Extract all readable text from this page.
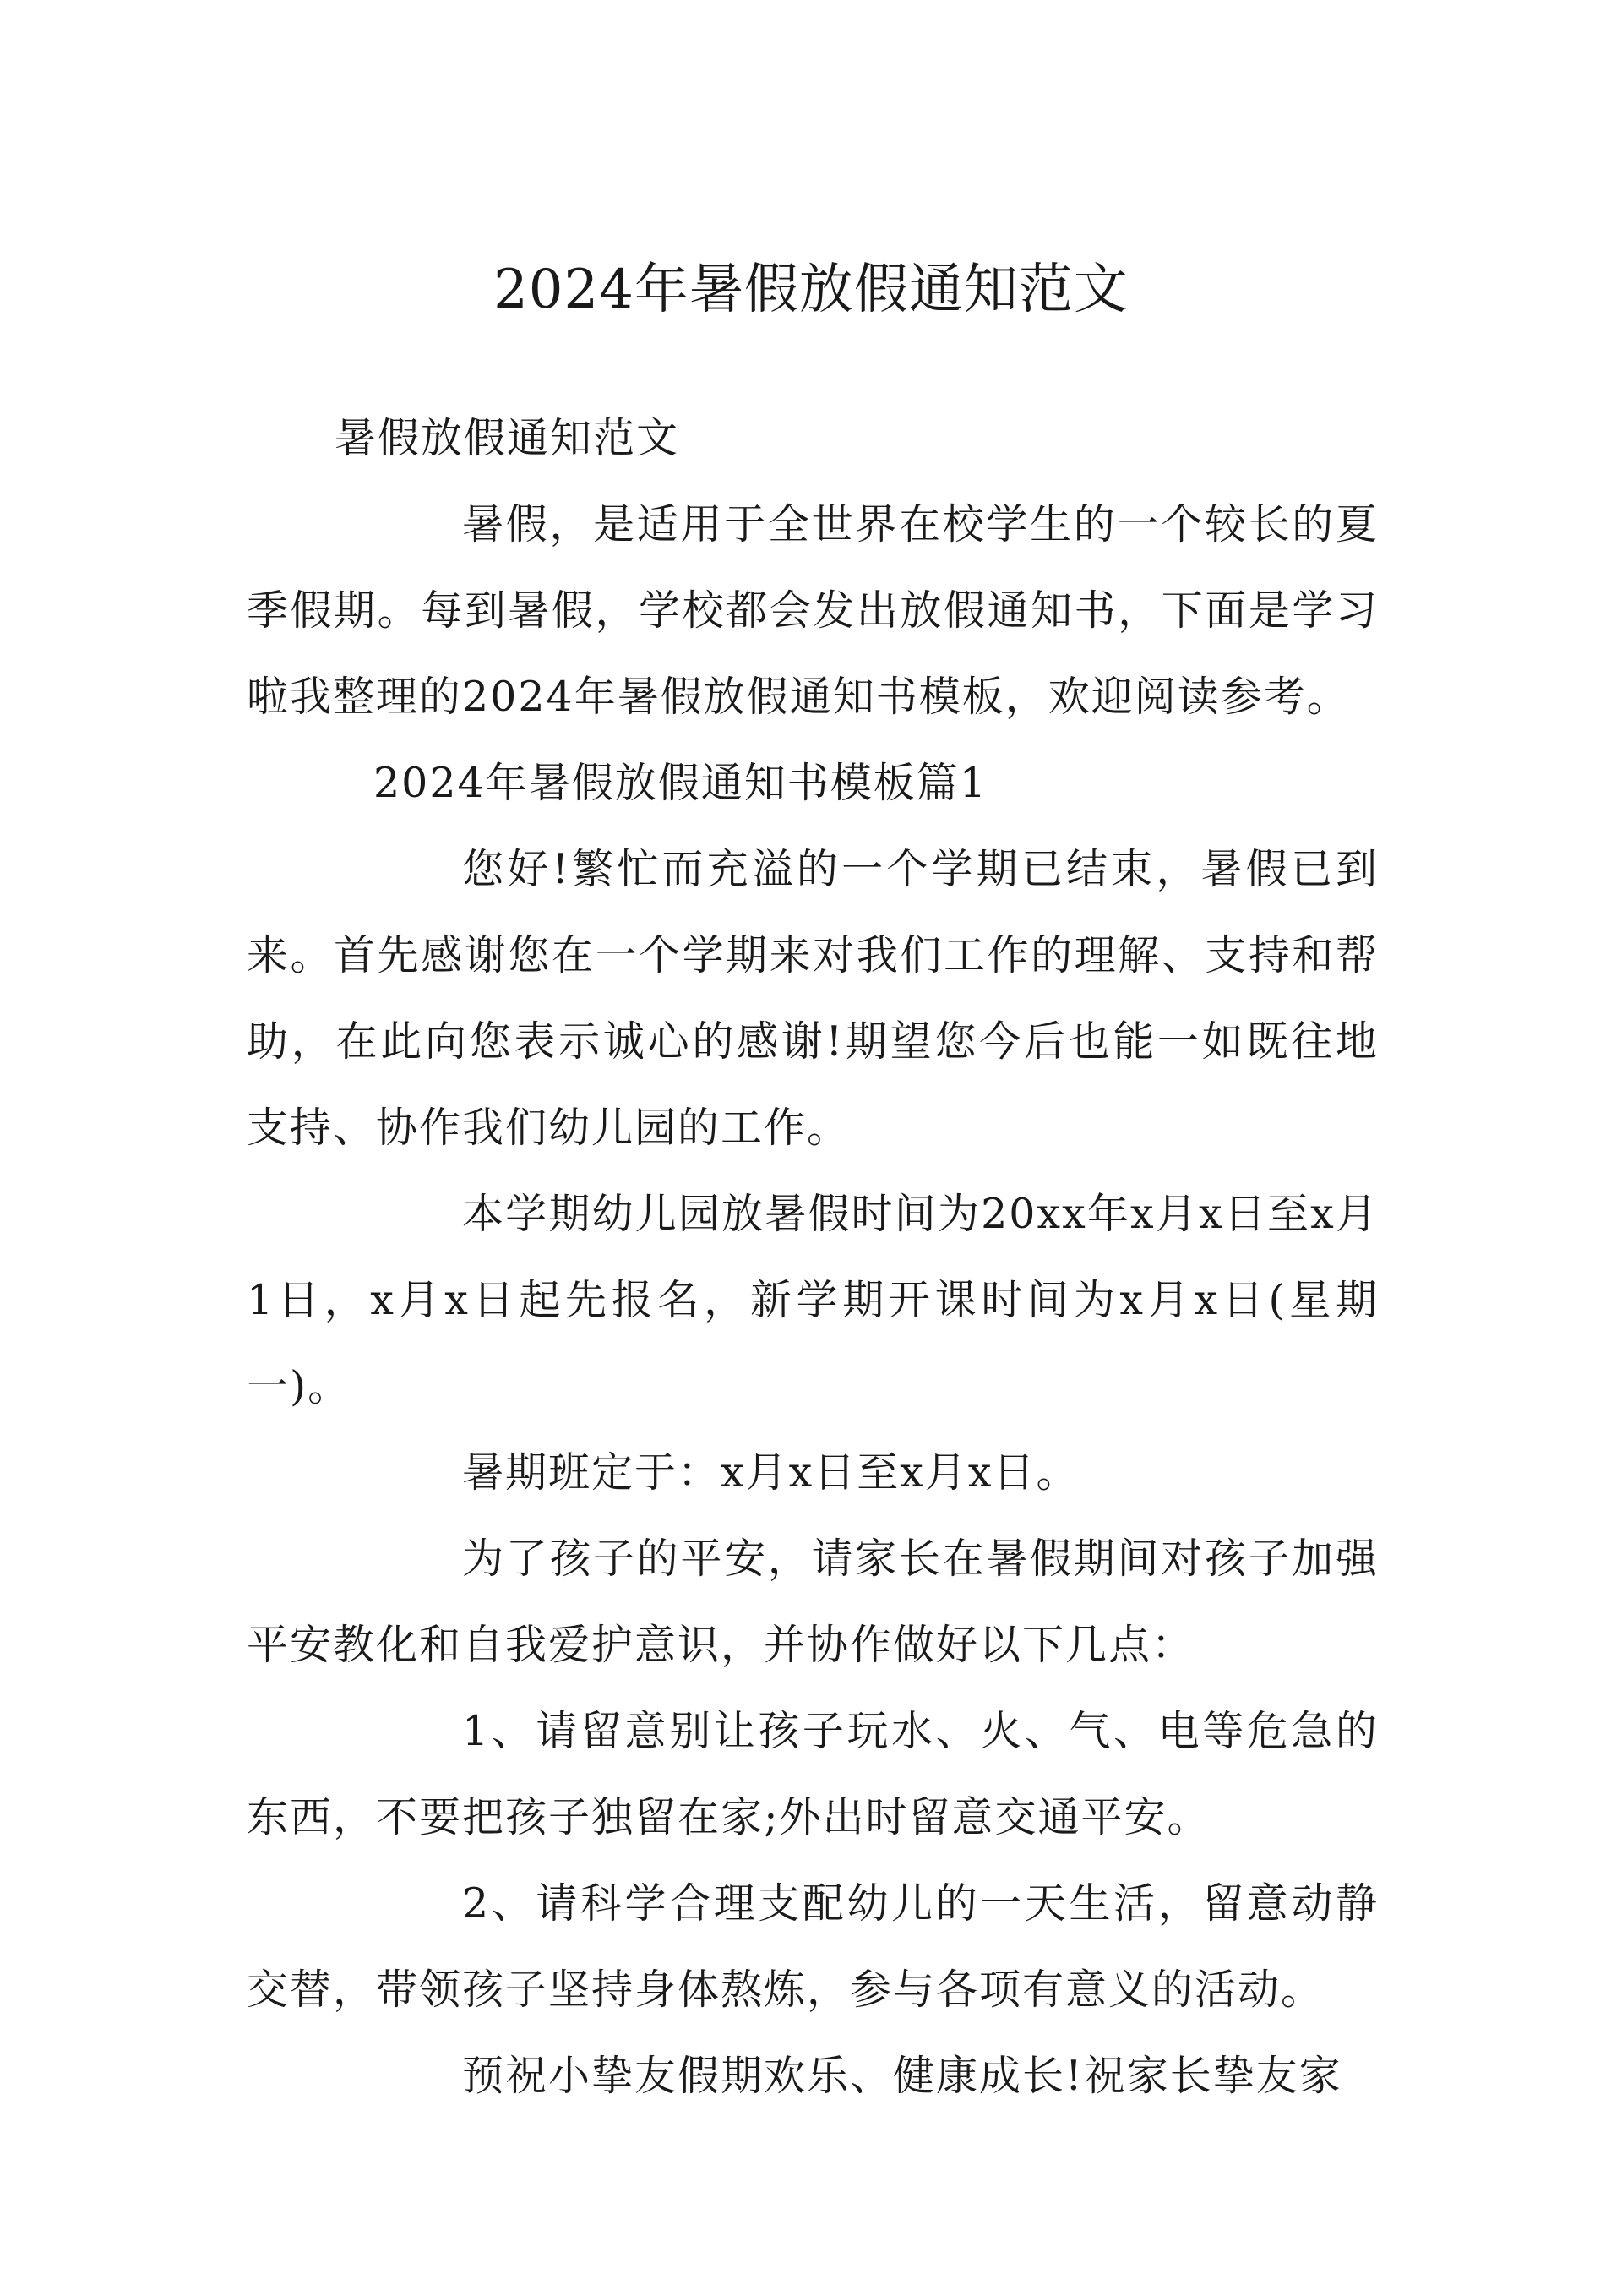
2024年暑假放假通知范文

暑假放假通知范文

暑假，是适用于全世界在校学生的一个较长的夏季假期。每到暑假，学校都会发出放假通知书，下面是学习啦我整理的2024年暑假放假通知书模板，欢迎阅读参考。

2024年暑假放假通知书模板篇1

您好!繁忙而充溢的一个学期已结束，暑假已到来。首先感谢您在一个学期来对我们工作的理解、支持和帮助，在此向您表示诚心的感谢!期望您今后也能一如既往地支持、协作我们幼儿园的工作。

本学期幼儿园放暑假时间为20xx年x月x日至x月1日，x月x日起先报名，新学期开课时间为x月x日(星期一)。

暑期班定于：x月x日至x月x日。

为了孩子的平安，请家长在暑假期间对孩子加强平安教化和自我爱护意识，并协作做好以下几点：

1、请留意别让孩子玩水、火、气、电等危急的东西，不要把孩子独留在家;外出时留意交通平安。

2、请科学合理支配幼儿的一天生活，留意动静交替，带领孩子坚持身体熬炼，参与各项有意义的活动。

预祝小挚友假期欢乐、健康成长!祝家长挚友家
